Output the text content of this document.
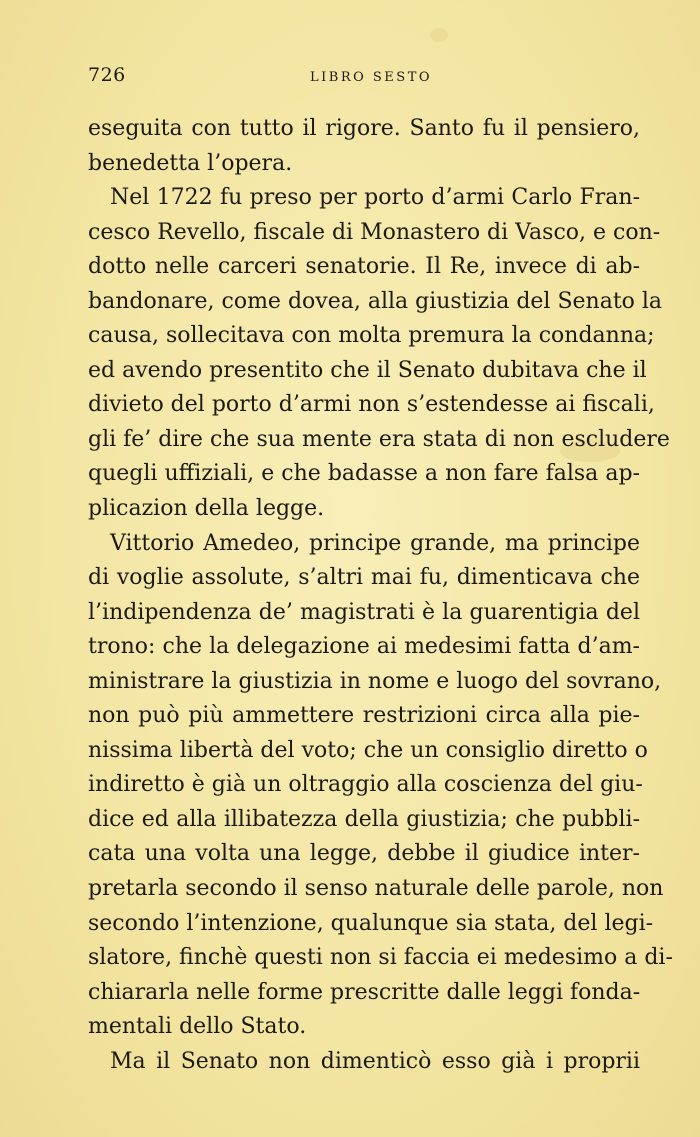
726	LIBRO SESTO
eseguita con tutto il rigore. Santo fu il pensiero,
benedetta l’opera.
Nel 1722 fu preso per porto d’armi Carlo Fran-
cesco Revello, fiscale di Monastero di Vasco, e con-
dotto nelle carceri senatorie. Il Re, invece di ab-
bandonare, come dovea, alla giustizia del Senato la
causa, sollecitava con molta premura la condanna;
ed avendo presentito che il Senato dubitava che il
divieto del porto d’armi non s’estendesse ai fiscali,
gli fe’ dire che sua mente era stata di non escludere
quegli uffiziali, e che badasse a non fare falsa ap-
plicazion della legge.
Vittorio Amedeo, principe grande, ma principe
di voglie assolute, s’altri mai fu, dimenticava che
l’indipendenza de’ magistrati è la guarentigia del
trono: che la delegazione ai medesimi fatta d’am-
ministrare la giustizia in nome e luogo del sovrano,
non può più ammettere restrizioni circa alla pie-
nissima libertà del voto; che un consiglio diretto o
indiretto è già un oltraggio alla coscienza del giu-
dice ed alla illibatezza della giustizia; che pubbli-
cata una volta una legge, debbe il giudice inter-
pretarla secondo il senso naturale delle parole, non
secondo l’intenzione, qualunque sia stata, del legi-
slatore, finchè questi non si faccia ei medesimo a di-
chiararla nelle forme prescritte dalle leggi fonda-
mentali dello Stato.
Ma il Senato non dimenticò esso già i proprii
